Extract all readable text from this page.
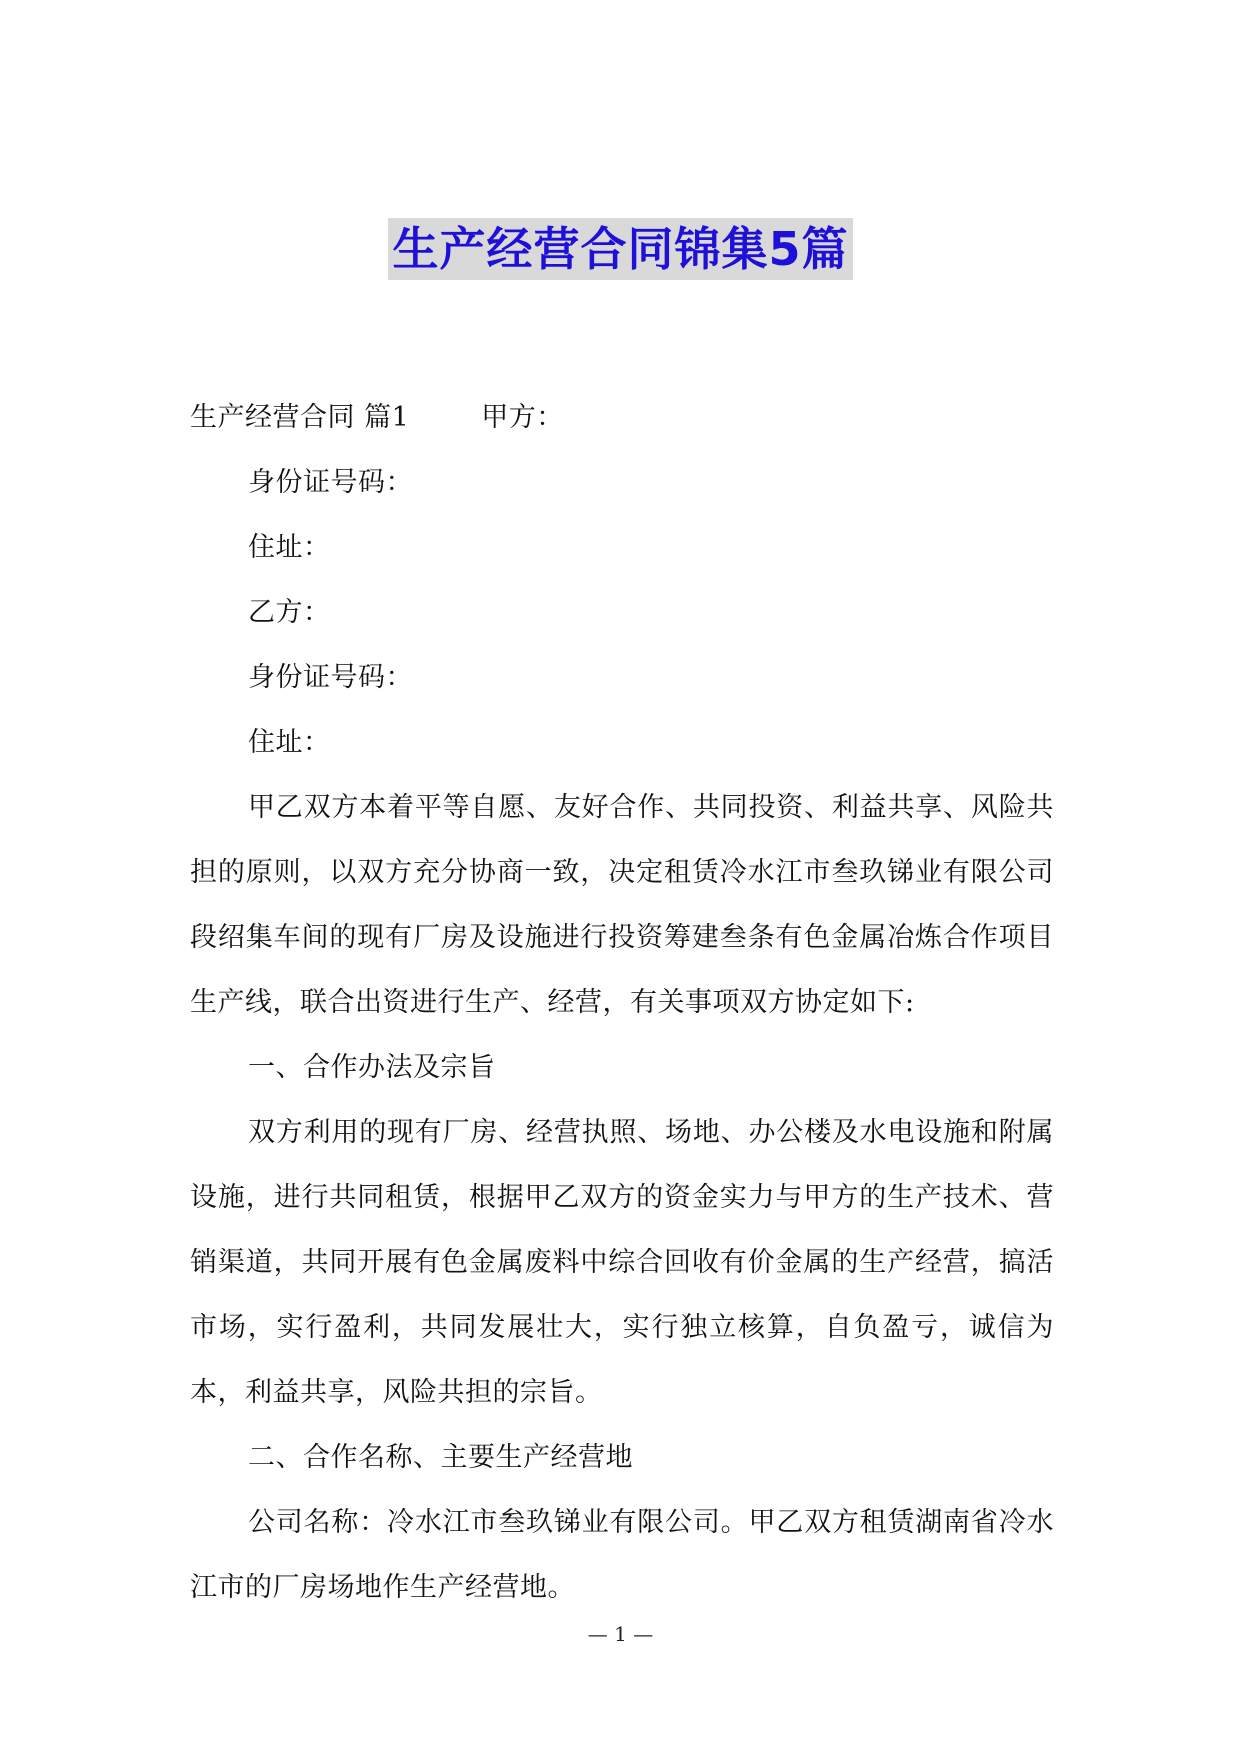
生产经营合同锦集5篇

生产经营合同 篇1	甲方：

身份证号码：

住址：

乙方：

身份证号码：

住址：

甲乙双方本着平等自愿、友好合作、共同投资、利益共享、风险共担的原则，以双方充分协商一致，决定租赁冷水江市叁玖锑业有限公司段绍集车间的现有厂房及设施进行投资筹建叁条有色金属冶炼合作项目生产线，联合出资进行生产、经营，有关事项双方协定如下:

一、合作办法及宗旨

双方利用的现有厂房、经营执照、场地、办公楼及水电设施和附属设施，进行共同租赁，根据甲乙双方的资金实力与甲方的生产技术、营销渠道，共同开展有色金属废料中综合回收有价金属的生产经营，搞活市场，实行盈利，共同发展壮大，实行独立核算，自负盈亏，诚信为本，利益共享，风险共担的宗旨。

二、合作名称、主要生产经营地

公司名称：冷水江市叁玖锑业有限公司。甲乙双方租赁湖南省冷水江市的厂房场地作生产经营地。

— 1 —
